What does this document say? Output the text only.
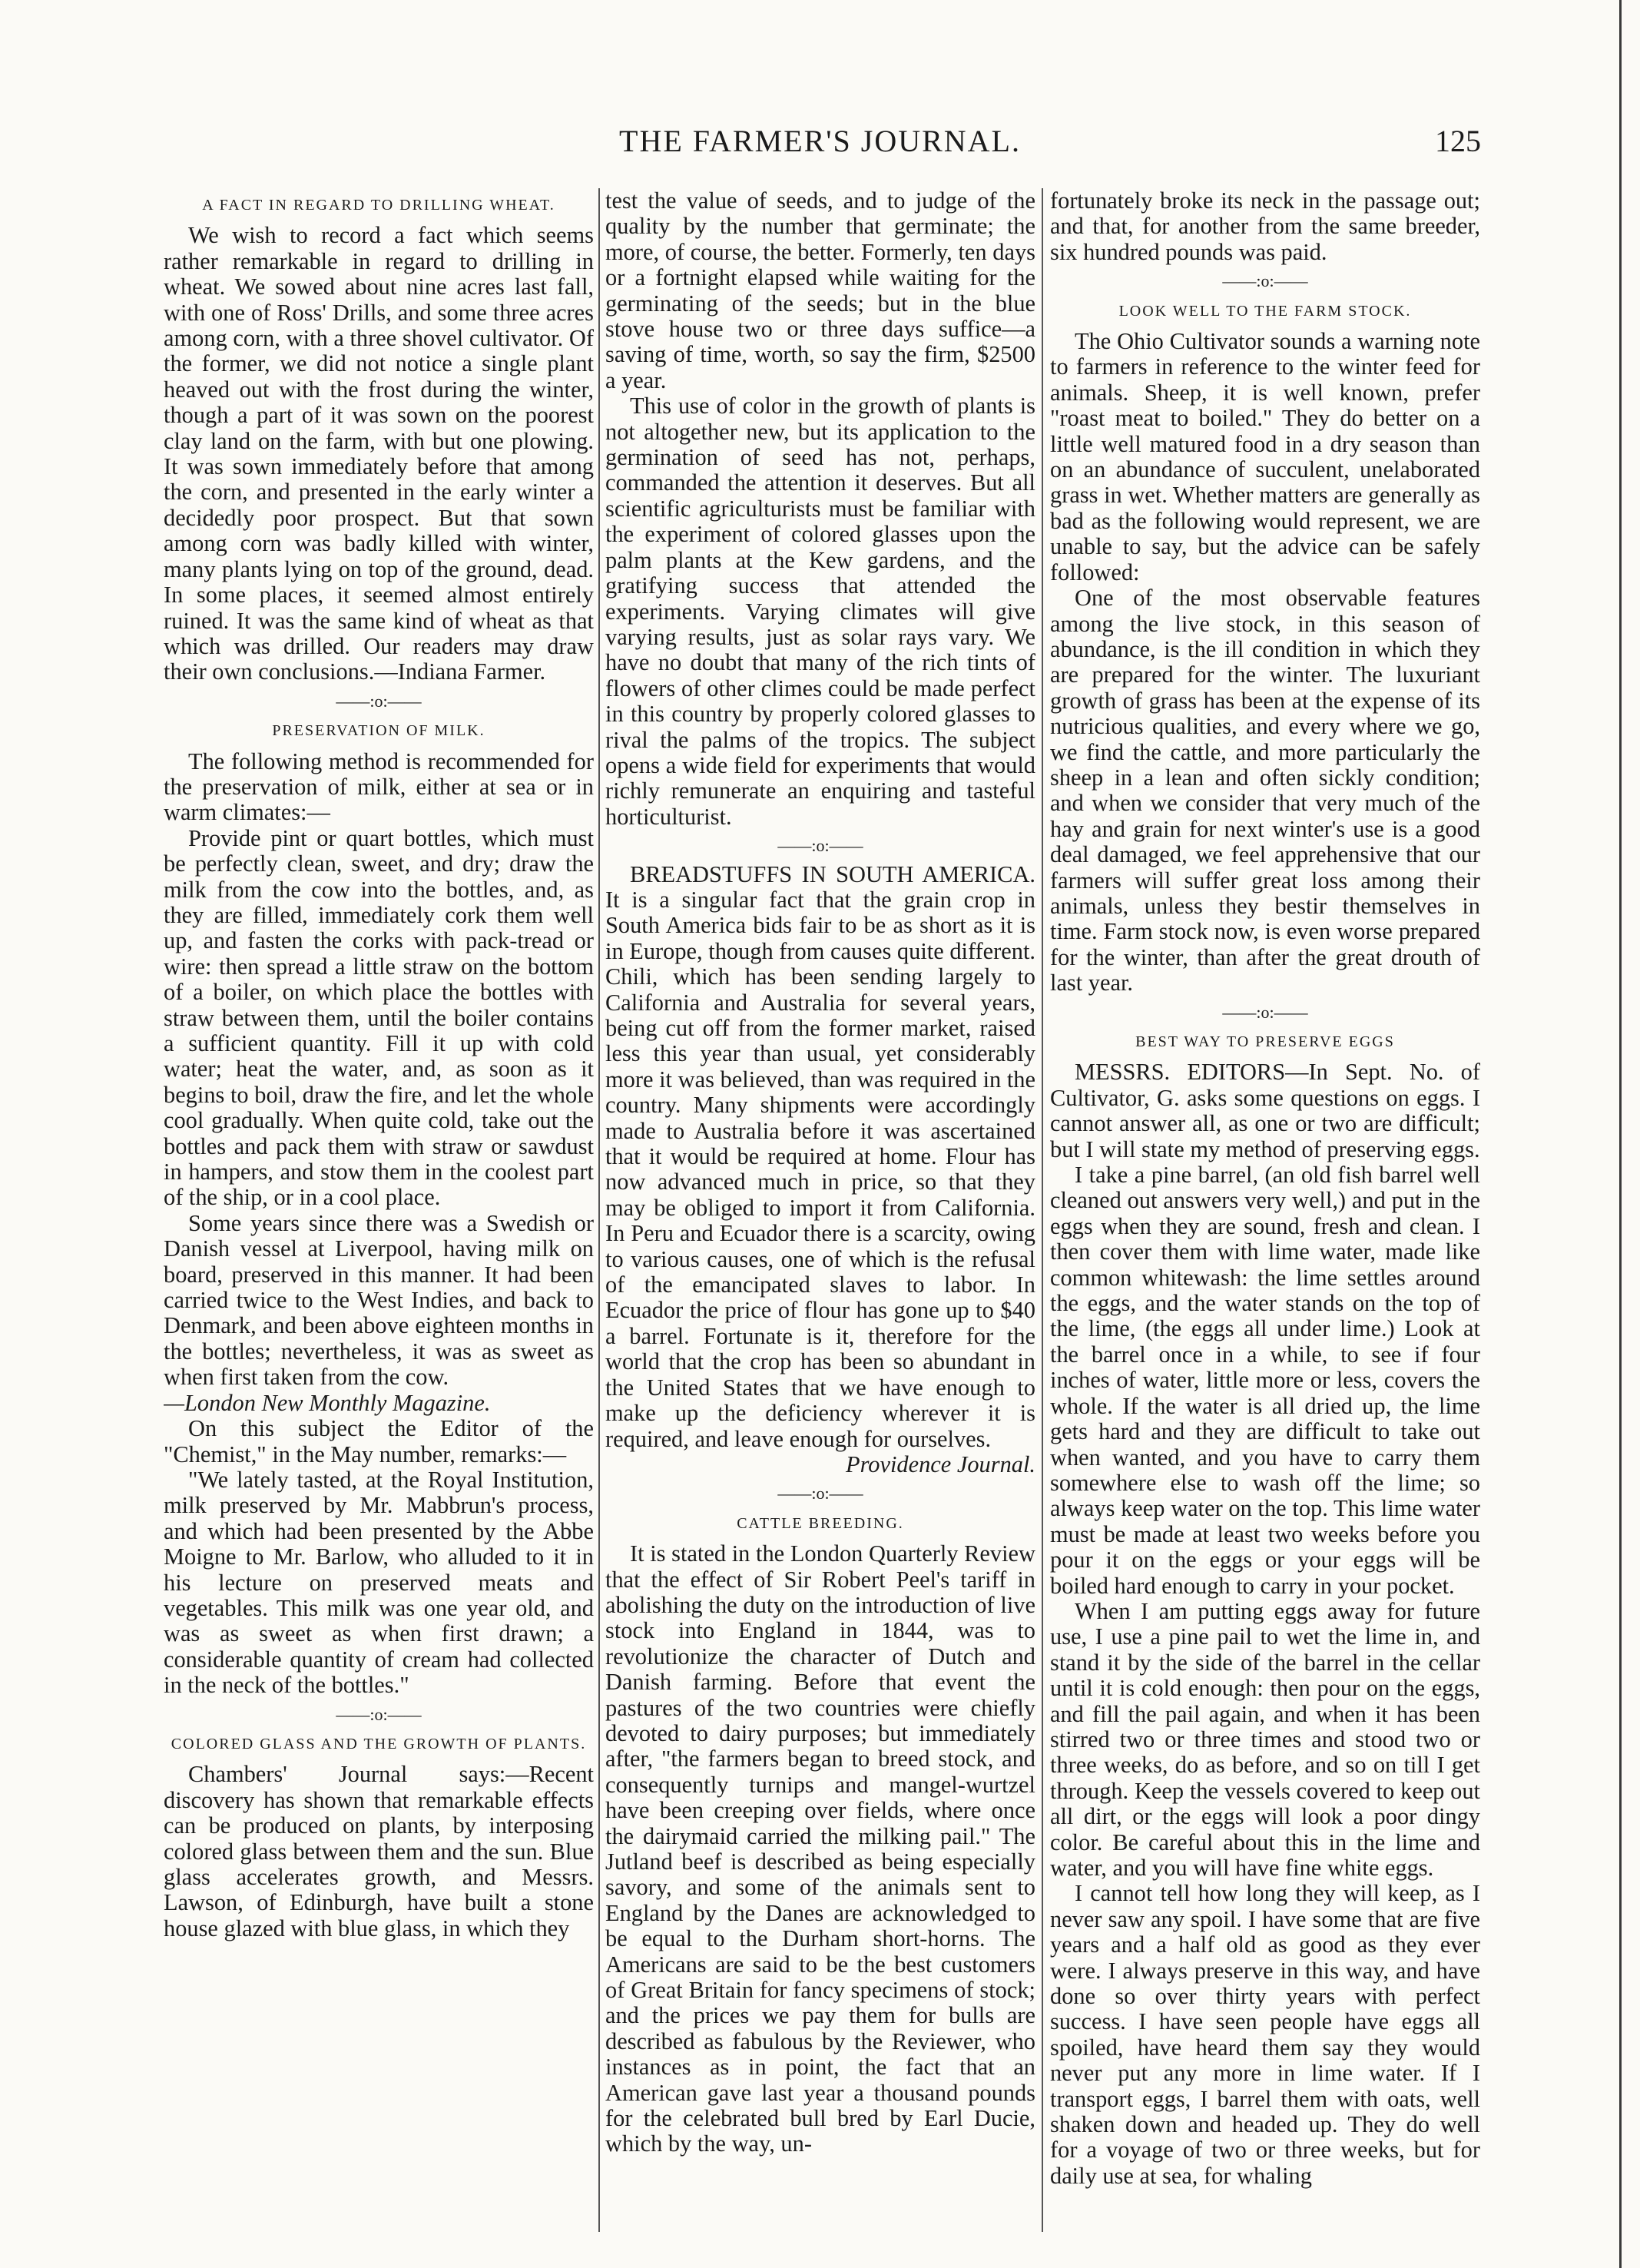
THE FARMER'S JOURNAL.	125
A FACT IN REGARD TO DRILLING WHEAT.

We wish to record a fact which seems rather remarkable in regard to drilling in wheat. We sowed about nine acres last fall, with one of Ross' Drills, and some three acres among corn, with a three shovel cultivator. Of the former, we did not notice a single plant heaved out with the frost during the winter, though a part of it was sown on the poorest clay land on the farm, with but one plowing. It was sown immediately before that among the corn, and presented in the early winter a decidedly poor prospect. But that sown among corn was badly killed with winter, many plants lying on top of the ground, dead. In some places, it seemed almost entirely ruined. It was the same kind of wheat as that which was drilled. Our readers may draw their own conclusions.—Indiana Farmer.

——:o:——
PRESERVATION OF MILK.

The following method is recommended for the preservation of milk, either at sea or in warm climates:—

Provide pint or quart bottles, which must be perfectly clean, sweet, and dry; draw the milk from the cow into the bottles, and, as they are filled, immediately cork them well up, and fasten the corks with pack-tread or wire: then spread a little straw on the bottom of a boiler, on which place the bottles with straw between them, until the boiler contains a sufficient quantity. Fill it up with cold water; heat the water, and, as soon as it begins to boil, draw the fire, and let the whole cool gradually. When quite cold, take out the bottles and pack them with straw or sawdust in hampers, and stow them in the coolest part of the ship, or in a cool place.

Some years since there was a Swedish or Danish vessel at Liverpool, having milk on board, preserved in this manner. It had been carried twice to the West Indies, and back to Denmark, and been above eighteen months in the bottles; nevertheless, it was as sweet as when first taken from the cow.

—London New Monthly Magazine.

On this subject the Editor of the "Chemist," in the May number, remarks:—

"We lately tasted, at the Royal Institution, milk preserved by Mr. Mabbrun's process, and which had been presented by the Abbe Moigne to Mr. Barlow, who alluded to it in his lecture on preserved meats and vegetables. This milk was one year old, and was as sweet as when first drawn; a considerable quantity of cream had collected in the neck of the bottles."

——:o:——
COLORED GLASS AND THE GROWTH OF PLANTS.

Chambers' Journal says:—Recent discovery has shown that remarkable effects can be produced on plants, by interposing colored glass between them and the sun. Blue glass accelerates growth, and Messrs. Lawson, of Edinburgh, have built a stone house glazed with blue glass, in which they

test the value of seeds, and to judge of the quality by the number that germinate; the more, of course, the better. Formerly, ten days or a fortnight elapsed while waiting for the germinating of the seeds; but in the blue stove house two or three days suffice—a saving of time, worth, so say the firm, $2500 a year.

This use of color in the growth of plants is not altogether new, but its application to the germination of seed has not, perhaps, commanded the attention it deserves. But all scientific agriculturists must be familiar with the experiment of colored glasses upon the palm plants at the Kew gardens, and the gratifying success that attended the experiments. Varying climates will give varying results, just as solar rays vary. We have no doubt that many of the rich tints of flowers of other climes could be made perfect in this country by properly colored glasses to rival the palms of the tropics. The subject opens a wide field for experiments that would richly remunerate an enquiring and tasteful horticulturist.

——:o:——

BREADSTUFFS IN SOUTH AMERICA. It is a singular fact that the grain crop in South America bids fair to be as short as it is in Europe, though from causes quite different. Chili, which has been sending largely to California and Australia for several years, being cut off from the former market, raised less this year than usual, yet considerably more it was believed, than was required in the country. Many shipments were accordingly made to Australia before it was ascertained that it would be required at home. Flour has now advanced much in price, so that they may be obliged to import it from California. In Peru and Ecuador there is a scarcity, owing to various causes, one of which is the refusal of the emancipated slaves to labor. In Ecuador the price of flour has gone up to $40 a barrel. Fortunate is it, therefore for the world that the crop has been so abundant in the United States that we have enough to make up the deficiency wherever it is required, and leave enough for ourselves.

Providence Journal.

——:o:——
CATTLE BREEDING.

It is stated in the London Quarterly Review that the effect of Sir Robert Peel's tariff in abolishing the duty on the introduction of live stock into England in 1844, was to revolutionize the character of Dutch and Danish farming. Before that event the pastures of the two countries were chiefly devoted to dairy purposes; but immediately after, "the farmers began to breed stock, and consequently turnips and mangel-wurtzel have been creeping over fields, where once the dairymaid carried the milking pail." The Jutland beef is described as being especially savory, and some of the animals sent to England by the Danes are acknowledged to be equal to the Durham short-horns. The Americans are said to be the best customers of Great Britain for fancy specimens of stock; and the prices we pay them for bulls are described as fabulous by the Reviewer, who instances as in point, the fact that an American gave last year a thousand pounds for the celebrated bull bred by Earl Ducie, which by the way, un-

fortunately broke its neck in the passage out; and that, for another from the same breeder, six hundred pounds was paid.

——:o:——
LOOK WELL TO THE FARM STOCK.

The Ohio Cultivator sounds a warning note to farmers in reference to the winter feed for animals. Sheep, it is well known, prefer "roast meat to boiled." They do better on a little well matured food in a dry season than on an abundance of succulent, unelaborated grass in wet. Whether matters are generally as bad as the following would represent, we are unable to say, but the advice can be safely followed:

One of the most observable features among the live stock, in this season of abundance, is the ill condition in which they are prepared for the winter. The luxuriant growth of grass has been at the expense of its nutricious qualities, and every where we go, we find the cattle, and more particularly the sheep in a lean and often sickly condition; and when we consider that very much of the hay and grain for next winter's use is a good deal damaged, we feel apprehensive that our farmers will suffer great loss among their animals, unless they bestir themselves in time. Farm stock now, is even worse prepared for the winter, than after the great drouth of last year.

——:o:——
BEST WAY TO PRESERVE EGGS

MESSRS. EDITORS—In Sept. No. of Cultivator, G. asks some questions on eggs. I cannot answer all, as one or two are difficult; but I will state my method of preserving eggs.

I take a pine barrel, (an old fish barrel well cleaned out answers very well,) and put in the eggs when they are sound, fresh and clean. I then cover them with lime water, made like common whitewash: the lime settles around the eggs, and the water stands on the top of the lime, (the eggs all under lime.) Look at the barrel once in a while, to see if four inches of water, little more or less, covers the whole. If the water is all dried up, the lime gets hard and they are difficult to take out when wanted, and you have to carry them somewhere else to wash off the lime; so always keep water on the top. This lime water must be made at least two weeks before you pour it on the eggs or your eggs will be boiled hard enough to carry in your pocket.

When I am putting eggs away for future use, I use a pine pail to wet the lime in, and stand it by the side of the barrel in the cellar until it is cold enough: then pour on the eggs, and fill the pail again, and when it has been stirred two or three times and stood two or three weeks, do as before, and so on till I get through. Keep the vessels covered to keep out all dirt, or the eggs will look a poor dingy color. Be careful about this in the lime and water, and you will have fine white eggs.

I cannot tell how long they will keep, as I never saw any spoil. I have some that are five years and a half old as good as they ever were. I always preserve in this way, and have done so over thirty years with perfect success. I have seen people have eggs all spoiled, have heard them say they would never put any more in lime water. If I transport eggs, I barrel them with oats, well shaken down and headed up. They do well for a voyage of two or three weeks, but for daily use at sea, for whaling
